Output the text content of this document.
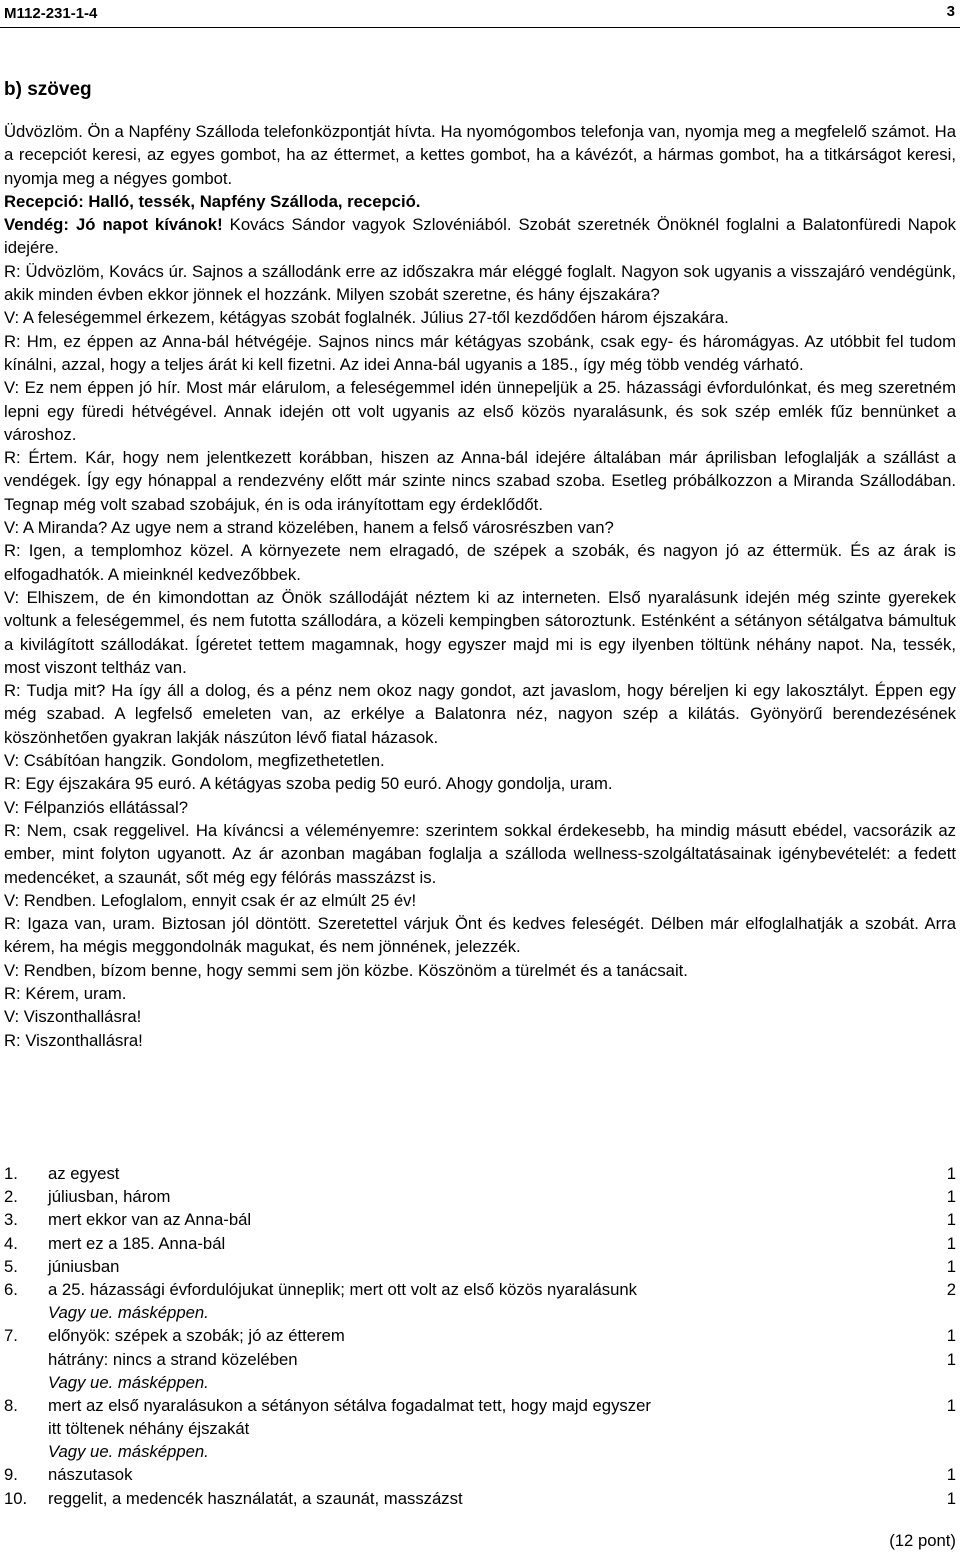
M112-231-1-4	3
b) szöveg

Üdvözlöm. Ön a Napfény Szálloda telefonközpontját hívta. Ha nyomógombos telefonja van, nyomja meg a megfelelő számot. Ha a recepciót keresi, az egyes gombot, ha az éttermet, a kettes gombot, ha a kávézót, a hármas gombot, ha a titkárságot keresi, nyomja meg a négyes gombot.

Recepció: Halló, tessék, Napfény Szálloda, recepció.

Vendég: Jó napot kívánok! Kovács Sándor vagyok Szlovéniából. Szobát szeretnék Önöknél foglalni a Balatonfüredi Napok idejére.

R: Üdvözlöm, Kovács úr. Sajnos a szállodánk erre az időszakra már eléggé foglalt. Nagyon sok ugyanis a visszajáró vendégünk, akik minden évben ekkor jönnek el hozzánk. Milyen szobát szeretne, és hány éjszakára?

V: A feleségemmel érkezem, kétágyas szobát foglalnék. Július 27-től kezdődően három éjszakára.

R: Hm, ez éppen az Anna-bál hétvégéje. Sajnos nincs már kétágyas szobánk, csak egy- és háromágyas. Az utóbbit fel tudom kínálni, azzal, hogy a teljes árát ki kell fizetni. Az idei Anna-bál ugyanis a 185., így még több vendég várható.

V: Ez nem éppen jó hír. Most már elárulom, a feleségemmel idén ünnepeljük a 25. házassági évfordulónkat, és meg szeretném lepni egy füredi hétvégével. Annak idején ott volt ugyanis az első közös nyaralásunk, és sok szép emlék fűz bennünket a városhoz.

R: Értem. Kár, hogy nem jelentkezett korábban, hiszen az Anna-bál idejére általában már áprilisban lefoglalják a szállást a vendégek. Így egy hónappal a rendezvény előtt már szinte nincs szabad szoba. Esetleg próbálkozzon a Miranda Szállodában. Tegnap még volt szabad szobájuk, én is oda irányítottam egy érdeklődőt.

V: A Miranda? Az ugye nem a strand közelében, hanem a felső városrészben van?

R: Igen, a templomhoz közel. A környezete nem elragadó, de szépek a szobák, és nagyon jó az éttermük. És az árak is elfogadhatók. A mieinknél kedvezőbbek.

V: Elhiszem, de én kimondottan az Önök szállodáját néztem ki az interneten. Első nyaralásunk idején még szinte gyerekek voltunk a feleségemmel, és nem futotta szállodára, a közeli kempingben sátoroztunk. Esténként a sétányon sétálgatva bámultuk a kivilágított szállodákat. Ígéretet tettem magamnak, hogy egyszer majd mi is egy ilyenben töltünk néhány napot. Na, tessék, most viszont teltház van.

R: Tudja mit? Ha így áll a dolog, és a pénz nem okoz nagy gondot, azt javaslom, hogy béreljen ki egy lakosztályt. Éppen egy még szabad. A legfelső emeleten van, az erkélye a Balatonra néz, nagyon szép a kilátás. Gyönyörű berendezésének köszönhetően gyakran lakják nászúton lévő fiatal házasok.

V: Csábítóan hangzik. Gondolom, megfizethetetlen.

R: Egy éjszakára 95 euró. A kétágyas szoba pedig 50 euró. Ahogy gondolja, uram.

V: Félpanziós ellátással?

R: Nem, csak reggelivel. Ha kíváncsi a véleményemre: szerintem sokkal érdekesebb, ha mindig másutt ebédel, vacsorázik az ember, mint folyton ugyanott. Az ár azonban magában foglalja a szálloda wellness-szolgáltatásainak igénybevételét: a fedett medencéket, a szaunát, sőt még egy félórás masszázst is.

V: Rendben. Lefoglalom, ennyit csak ér az elmúlt 25 év!

R: Igaza van, uram. Biztosan jól döntött. Szeretettel várjuk Önt és kedves feleségét. Délben már elfoglalhatják a szobát. Arra kérem, ha mégis meggondolnák magukat, és nem jönnének, jelezzék.

V: Rendben, bízom benne, hogy semmi sem jön közbe. Köszönöm a türelmét és a tanácsait.

R: Kérem, uram.

V: Viszonthallásra!

R: Viszonthallásra!

1.	az egyest	1
2.	júliusban, három	1
3.	mert ekkor van az Anna-bál	1
4.	mert ez a 185. Anna-bál	1
5.	júniusban	1
6.	a 25. házassági évfordulójukat ünneplik; mert ott volt az első közös nyaralásunk	2
Vagy ue. másképpen.
7.	előnyök: szépek a szobák; jó az étterem	1
hátrány: nincs a strand közelében	1
Vagy ue. másképpen.
8.	mert az első nyaralásukon a sétányon sétálva fogadalmat tett, hogy majd egyszer	1
itt töltenek néhány éjszakát
Vagy ue. másképpen.
9.	nászutasok	1
10.	reggelit, a medencék használatát, a szaunát, masszázst	1
(12 pont)
